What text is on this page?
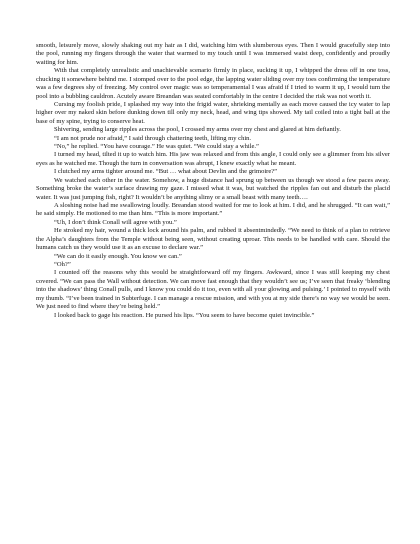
smooth, leisurely move, slowly shaking out my hair as I did, watching him with slumberous eyes. Then I would gracefully step into the pool, running my fingers through the water that warmed to my touch until I was immersed waist deep, confidently and proudly waiting for him.

With that completely unrealistic and unachievable scenario firmly in place, sucking it up, I whipped the dress off in one toss, chucking it somewhere behind me. I stomped over to the pool edge, the lapping water sliding over my toes confirming the temperature was a few degrees shy of freezing. My control over magic was so temperamental I was afraid if I tried to warm it up, I would turn the pool into a bubbling cauldron. Acutely aware Breandan was seated comfortably in the centre I decided the risk was not worth it.

Cursing my foolish pride, I splashed my way into the frigid water, shrieking mentally as each move caused the icy water to lap higher over my naked skin before dunking down till only my neck, head, and wing tips showed. My tail coiled into a tight ball at the base of my spine, trying to conserve heat.

Shivering, sending large ripples across the pool, I crossed my arms over my chest and glared at him defiantly.

“I am not prude nor afraid,” I said through chattering teeth, lifting my chin.

“No,” he replied. “You have courage.” He was quiet. “We could stay a while.”

I turned my head, tilted it up to watch him. His jaw was relaxed and from this angle, I could only see a glimmer from his silver eyes as he watched me. Though the turn in conversation was abrupt, I knew exactly what he meant.

I clutched my arms tighter around me. “But … what about Devlin and the grimoire?”

We watched each other in the water. Somehow, a huge distance had sprung up between us though we stood a few paces away. Something broke the water’s surface drawing my gaze. I missed what it was, but watched the ripples fan out and disturb the placid water. It was just jumping fish, right? It wouldn’t be anything slimy or a small beast with many teeth….

A sloshing noise had me swallowing loudly. Breandan stood waited for me to look at him. I did, and he shrugged. “It can wait,” he said simply. He motioned to me than him. “This is more important.”

“Uh, I don’t think Conall will agree with you.”

He stroked my hair, wound a thick lock around his palm, and rubbed it absentmindedly. “We need to think of a plan to retrieve the Alpha’s daughters from the Temple without being seen, without creating uproar. This needs to be handled with care. Should the humans catch us they would use it as an excuse to declare war.”

“We can do it easily enough. You know we can.”

“Oh?”

I counted off the reasons why this would be straightforward off my fingers. Awkward, since I was still keeping my chest covered. “We can pass the Wall without detection. We can move fast enough that they wouldn’t see us; I’ve seen that freaky ‘blending into the shadows’ thing Conall pulls, and I know you could do it too, even with all your glowing and pulsing.’ I pointed to myself with my thumb. “I’ve been trained in Subterfuge. I can manage a rescue mission, and with you at my side there’s no way we would be seen. We just need to find where they’re being held.”

I looked back to gage his reaction. He pursed his lips. “You seem to have become quiet invincible.”
